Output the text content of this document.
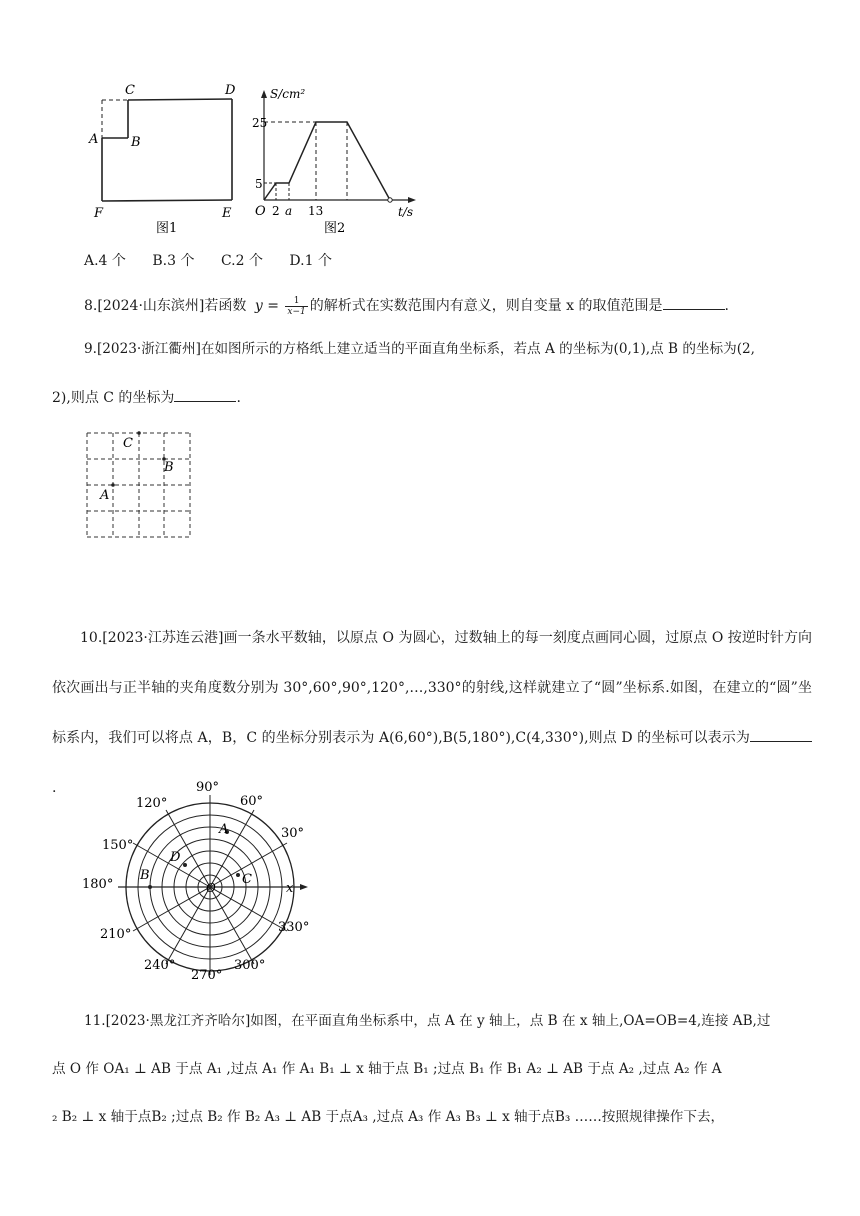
C	D
A	B
F	E
图1
S/cm²
t/s
25
5
O 2 a 13
图2
A.4 个 B.3 个 C.2 个 D.1 个
8.[2024·山东滨州]若函数 $y = \frac{1}{x-1}$ 的解析式在实数范围内有意义，则自变量 x 的取值范围是	.
9.[2023·浙江衢州]在如图所示的方格纸上建立适当的平面直角坐标系，若点 A 的坐标为(0,1),点 B 的坐标为(2,
2),则点 C 的坐标为	.
C
B
A
10.[2023·江苏连云港]画一条水平数轴，以原点 O 为圆心，过数轴上的每一刻度点画同心圆，过原点 O 按逆时针方向依次画出与正半轴的夹角度数分别为 30°,60°,90°,120°,…,330°的射线,这样就建立了“圆”坐标系.如图，在建立的“圆”坐标系内，我们可以将点 A，B，C 的坐标分别表示为 A(6,60°),B(5,180°),C(4,330°),则点 D 的坐标可以表示为.	90°
60°
30°
120°
150°
180°
210°
240°
270°
300°
330°
x
O
A
B	C
D
11.[2023·黑龙江齐齐哈尔]如图，在平面直角坐标系中，点 A 在 y 轴上，点 B 在 x 轴上,OA=OB=4,连接 AB,过
点 O 作 OA₁ ⊥ AB 于点 A₁ ,过点 A₁ 作 A₁ B₁ ⊥ x 轴于点 B₁ ;过点 B₁ 作 B₁ A₂ ⊥ AB 于点 A₂ ,过点 A₂ 作 A
₂ B₂ ⊥ x 轴于点B₂ ;过点 B₂ 作 B₂ A₃ ⊥ AB 于点A₃ ,过点 A₃ 作 A₃ B₃ ⊥ x 轴于点B₃ ……按照规律操作下去，
